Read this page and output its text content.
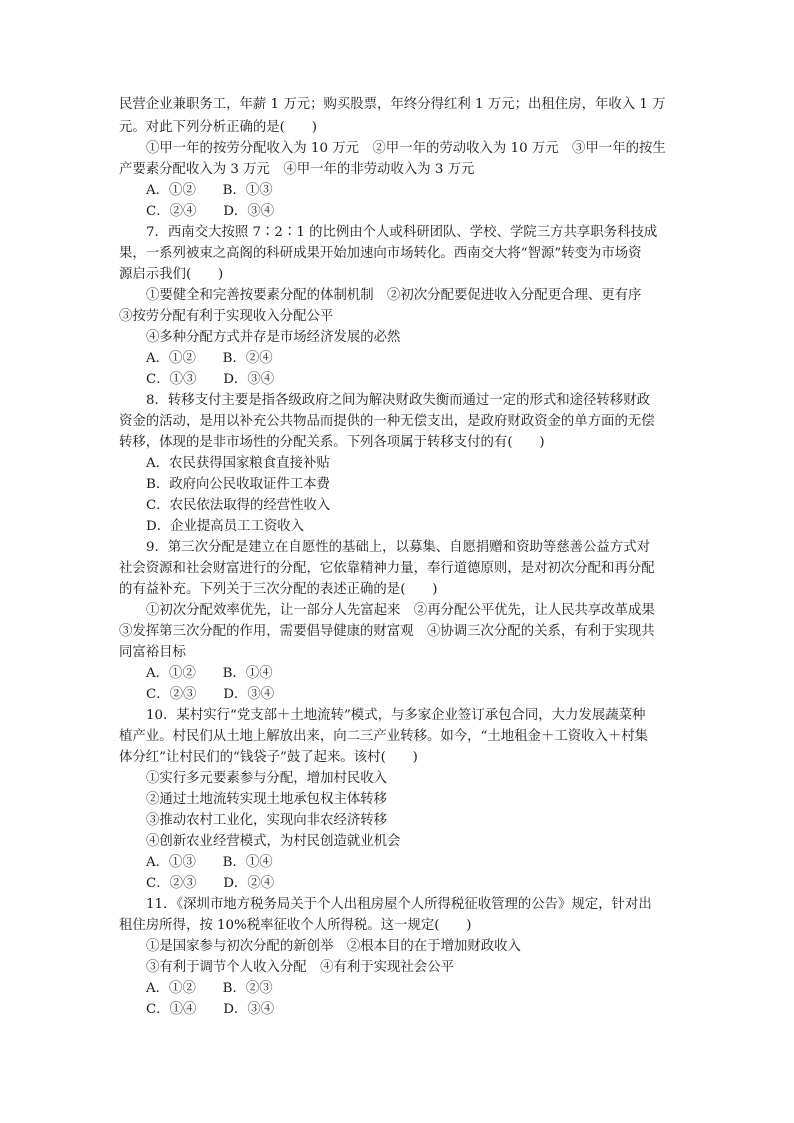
民营企业兼职务工，年薪 1 万元；购买股票，年终分得红利 1 万元；出租住房，年收入 1 万
元。对此下列分析正确的是(　　)
①甲一年的按劳分配收入为 10 万元　②甲一年的劳动收入为 10 万元　③甲一年的按生
产要素分配收入为 3 万元　④甲一年的非劳动收入为 3 万元
A．①②　　B．①③
C．②④　　D．③④
7．西南交大按照 7∶2∶1 的比例由个人或科研团队、学校、学院三方共享职务科技成
果，一系列被束之高阁的科研成果开始加速向市场转化。西南交大将“智源”转变为市场资
源启示我们(　　)
①要健全和完善按要素分配的体制机制　②初次分配要促进收入分配更合理、更有序
③按劳分配有利于实现收入分配公平
④多种分配方式并存是市场经济发展的必然
A．①②　　B．②④
C．①③　　D．③④
8．转移支付主要是指各级政府之间为解决财政失衡而通过一定的形式和途径转移财政
资金的活动，是用以补充公共物品而提供的一种无偿支出，是政府财政资金的单方面的无偿
转移，体现的是非市场性的分配关系。下列各项属于转移支付的有(　　)
A．农民获得国家粮食直接补贴
B．政府向公民收取证件工本费
C．农民依法取得的经营性收入
D．企业提高员工工资收入
9．第三次分配是建立在自愿性的基础上，以募集、自愿捐赠和资助等慈善公益方式对
社会资源和社会财富进行的分配，它依靠精神力量，奉行道德原则，是对初次分配和再分配
的有益补充。下列关于三次分配的表述正确的是(　　)
①初次分配效率优先，让一部分人先富起来　②再分配公平优先，让人民共享改革成果
③发挥第三次分配的作用，需要倡导健康的财富观　④协调三次分配的关系，有利于实现共
同富裕目标
A．①②　　B．①④
C．②③　　D．③④
10．某村实行“党支部＋土地流转”模式，与多家企业签订承包合同，大力发展蔬菜种
植产业。村民们从土地上解放出来，向二三产业转移。如今，“土地租金＋工资收入＋村集
体分红”让村民们的“钱袋子”鼓了起来。该村(　　)
①实行多元要素参与分配，增加村民收入
②通过土地流转实现土地承包权主体转移
③推动农村工业化，实现向非农经济转移
④创新农业经营模式，为村民创造就业机会
A．①③　　B．①④
C．②③　　D．②④
11．《深圳市地方税务局关于个人出租房屋个人所得税征收管理的公告》规定，针对出
租住房所得，按 10%税率征收个人所得税。这一规定(　　)
①是国家参与初次分配的新创举　②根本目的在于增加财政收入
③有利于调节个人收入分配　④有利于实现社会公平
A．①②　　B．②③
C．①④　　D．③④
